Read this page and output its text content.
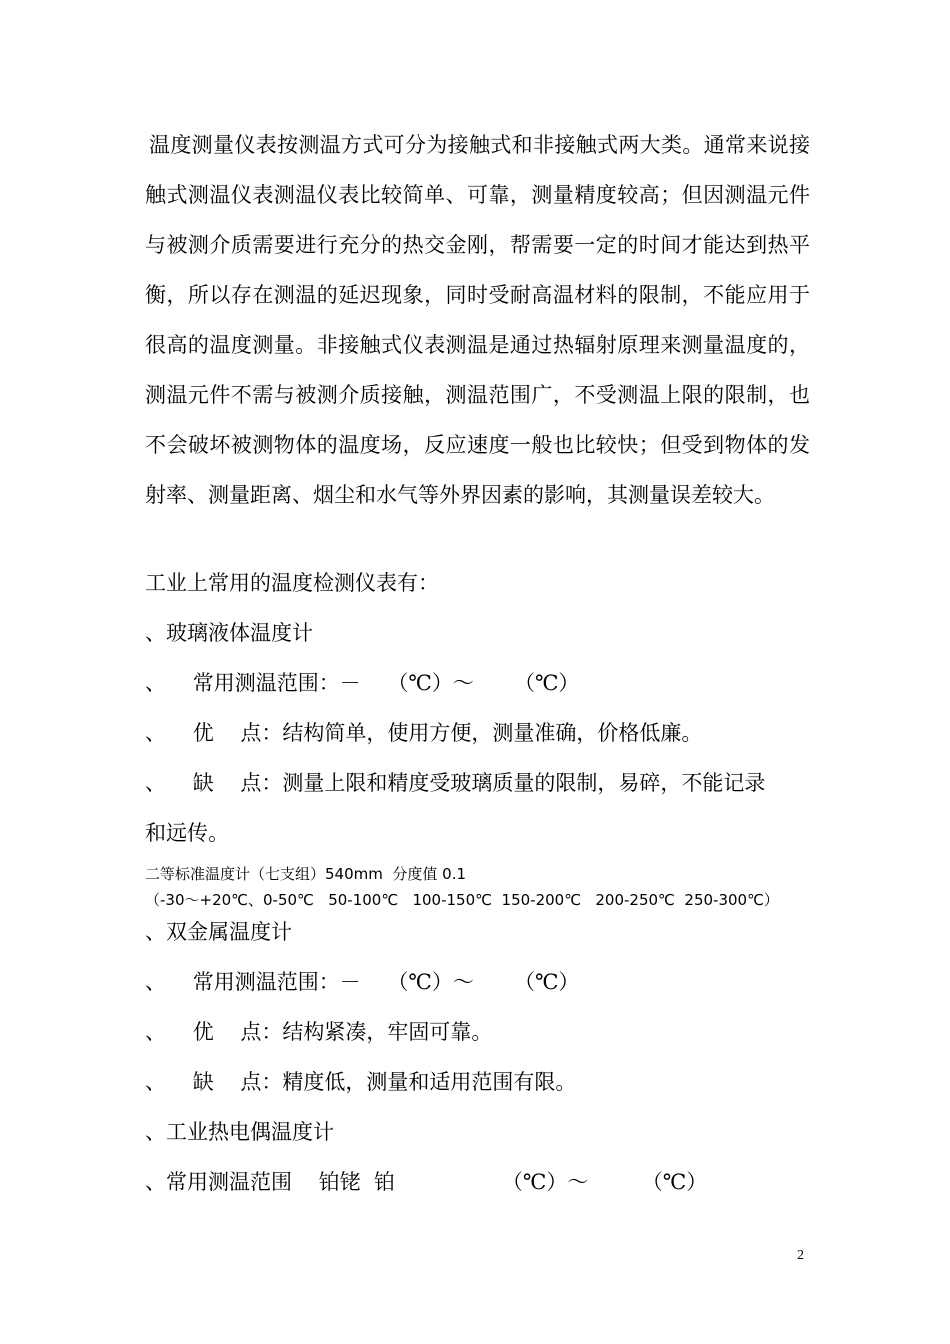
温度测量仪表按测温方式可分为接触式和非接触式两大类。通常来说接触式测温仪表测温仪表比较简单、可靠，测量精度较高；但因测温元件与被测介质需要进行充分的热交金刚，帮需要一定的时间才能达到热平衡，所以存在测温的延迟现象，同时受耐高温材料的限制，不能应用于很高的温度测量。非接触式仪表测温是通过热辐射原理来测量温度的，测温元件不需与被测介质接触，测温范围广，不受测温上限的限制，也不会破坏被测物体的温度场，反应速度一般也比较快；但受到物体的发射率、测量距离、烟尘和水气等外界因素的影响，其测量误差较大。

工业上常用的温度检测仪表有：
、玻璃液体温度计
、    常用测温范围：－    （℃）～      （℃）
、    优    点：结构简单，使用方便，测量准确，价格低廉。
、    缺    点：测量上限和精度受玻璃质量的限制，易碎，不能记录
和远传。
二等标准温度计（七支组）540mm  分度值 0.1
（-30～+20℃、0-50℃   50-100℃   100-150℃  150-200℃   200-250℃  250-300℃）
、双金属温度计
、    常用测温范围：－    （℃）～      （℃）
、    优    点：结构紧凑，牢固可靠。
、    缺    点：精度低，测量和适用范围有限。
、工业热电偶温度计
、常用测温范围    铂铑  铂                （℃）～        （℃）
2
